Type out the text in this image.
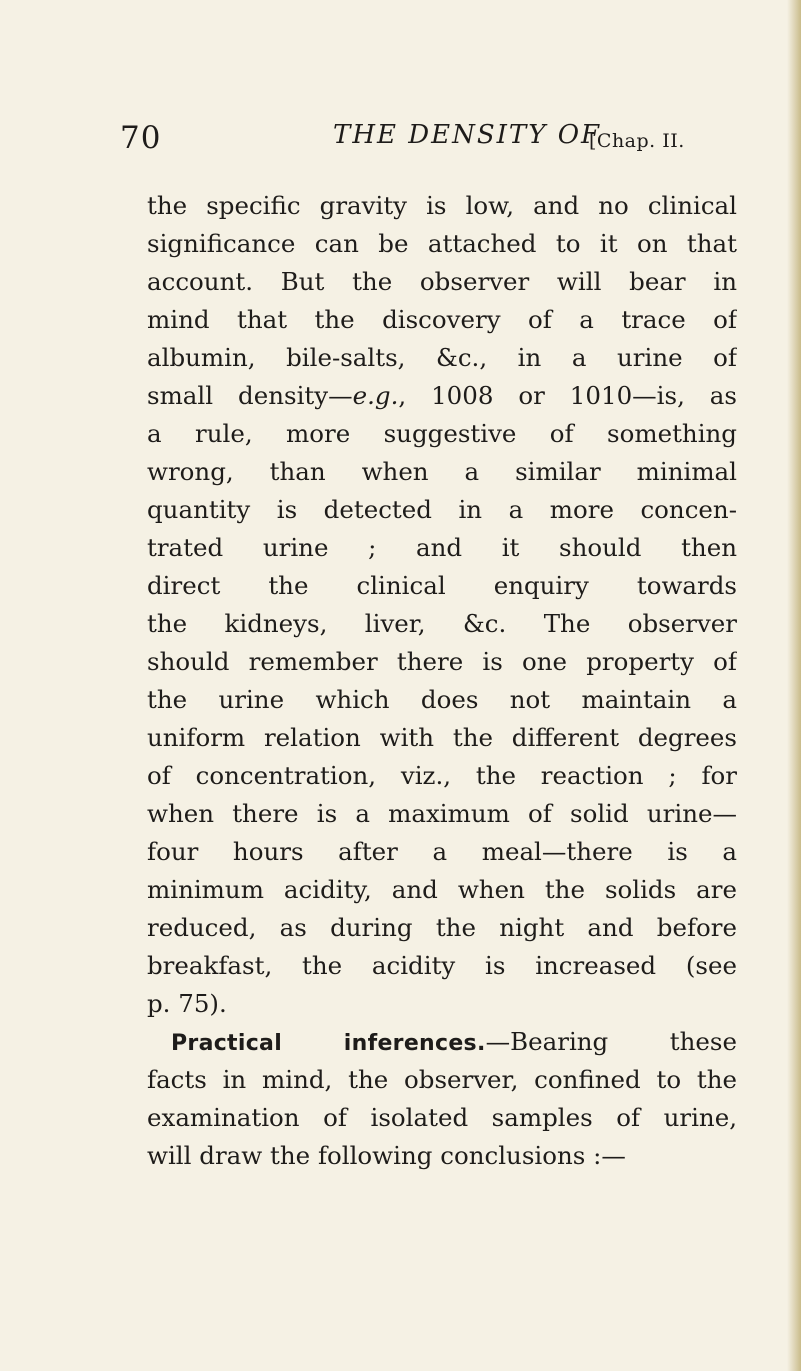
70	THE DENSITY OF
[Chap. II.
the specific gravity is low, and no clinical
significance can be attached to it on that
account. But the observer will bear in
mind that the discovery of a trace of
albumin, bile-salts, &c., in a urine of
small density—e.g., 1008 or 1010—is, as
a rule, more suggestive of something
wrong, than when a similar minimal
quantity is detected in a more concen-
trated urine ; and it should then
direct the clinical enquiry towards
the kidneys, liver, &c. The observer
should remember there is one property of
the urine which does not maintain a
uniform relation with the different degrees
of concentration, viz., the reaction ; for
when there is a maximum of solid urine—
four hours after a meal—there is a
minimum acidity, and when the solids are
reduced, as during the night and before
breakfast, the acidity is increased (see
p. 75).
Practical inferences.—Bearing these
facts in mind, the observer, confined to the
examination of isolated samples of urine,
will draw the following conclusions :—
